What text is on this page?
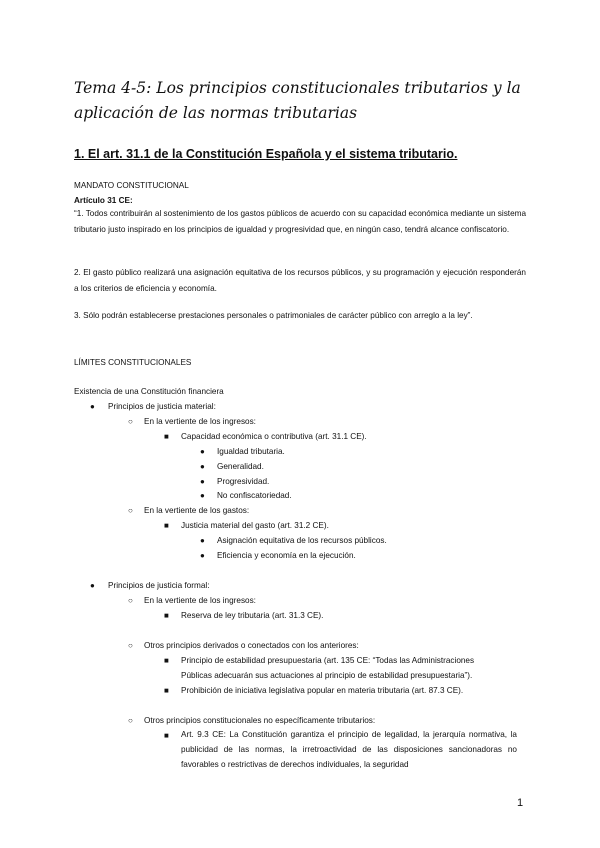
Tema 4-5: Los principios constitucionales tributarios y la aplicación de las normas tributarias
1. El art. 31.1 de la Constitución Española y el sistema tributario.
MANDATO CONSTITUCIONAL
Artículo 31 CE:
“1. Todos contribuirán al sostenimiento de los gastos públicos de acuerdo con su capacidad económica mediante un sistema tributario justo inspirado en los principios de igualdad y progresividad que, en ningún caso, tendrá alcance confiscatorio.
2. El gasto público realizará una asignación equitativa de los recursos públicos, y su programación y ejecución responderán a los criterios de eficiencia y economía.
3. Sólo podrán establecerse prestaciones personales o patrimoniales de carácter público con arreglo a la ley”.
LÍMITES CONSTITUCIONALES
Existencia de una Constitución financiera
● Principios de justicia material:
○ En la vertiente de los ingresos:
■ Capacidad económica o contributiva (art. 31.1 CE).
● Igualdad tributaria.
● Generalidad.
● Progresividad.
● No confiscatoriedad.
○ En la vertiente de los gastos:
■ Justicia material del gasto (art. 31.2 CE).
● Asignación equitativa de los recursos públicos.
● Eficiencia y economía en la ejecución.
● Principios de justicia formal:
○ En la vertiente de los ingresos:
■ Reserva de ley tributaria (art. 31.3 CE).
○ Otros principios derivados o conectados con los anteriores:
■ Principio de estabilidad presupuestaria (art. 135 CE: “Todas las Administraciones
Públicas adecuarán sus actuaciones al principio de estabilidad presupuestaria”).
■ Prohibición de iniciativa legislativa popular en materia tributaria (art. 87.3 CE).
○ Otros principios constitucionales no específicamente tributarios:
■ Art. 9.3 CE: La Constitución garantiza el principio de legalidad, la jerarquía normativa, la publicidad de las normas, la irretroactividad de las disposiciones sancionadoras no favorables o restrictivas de derechos individuales, la seguridad
1
